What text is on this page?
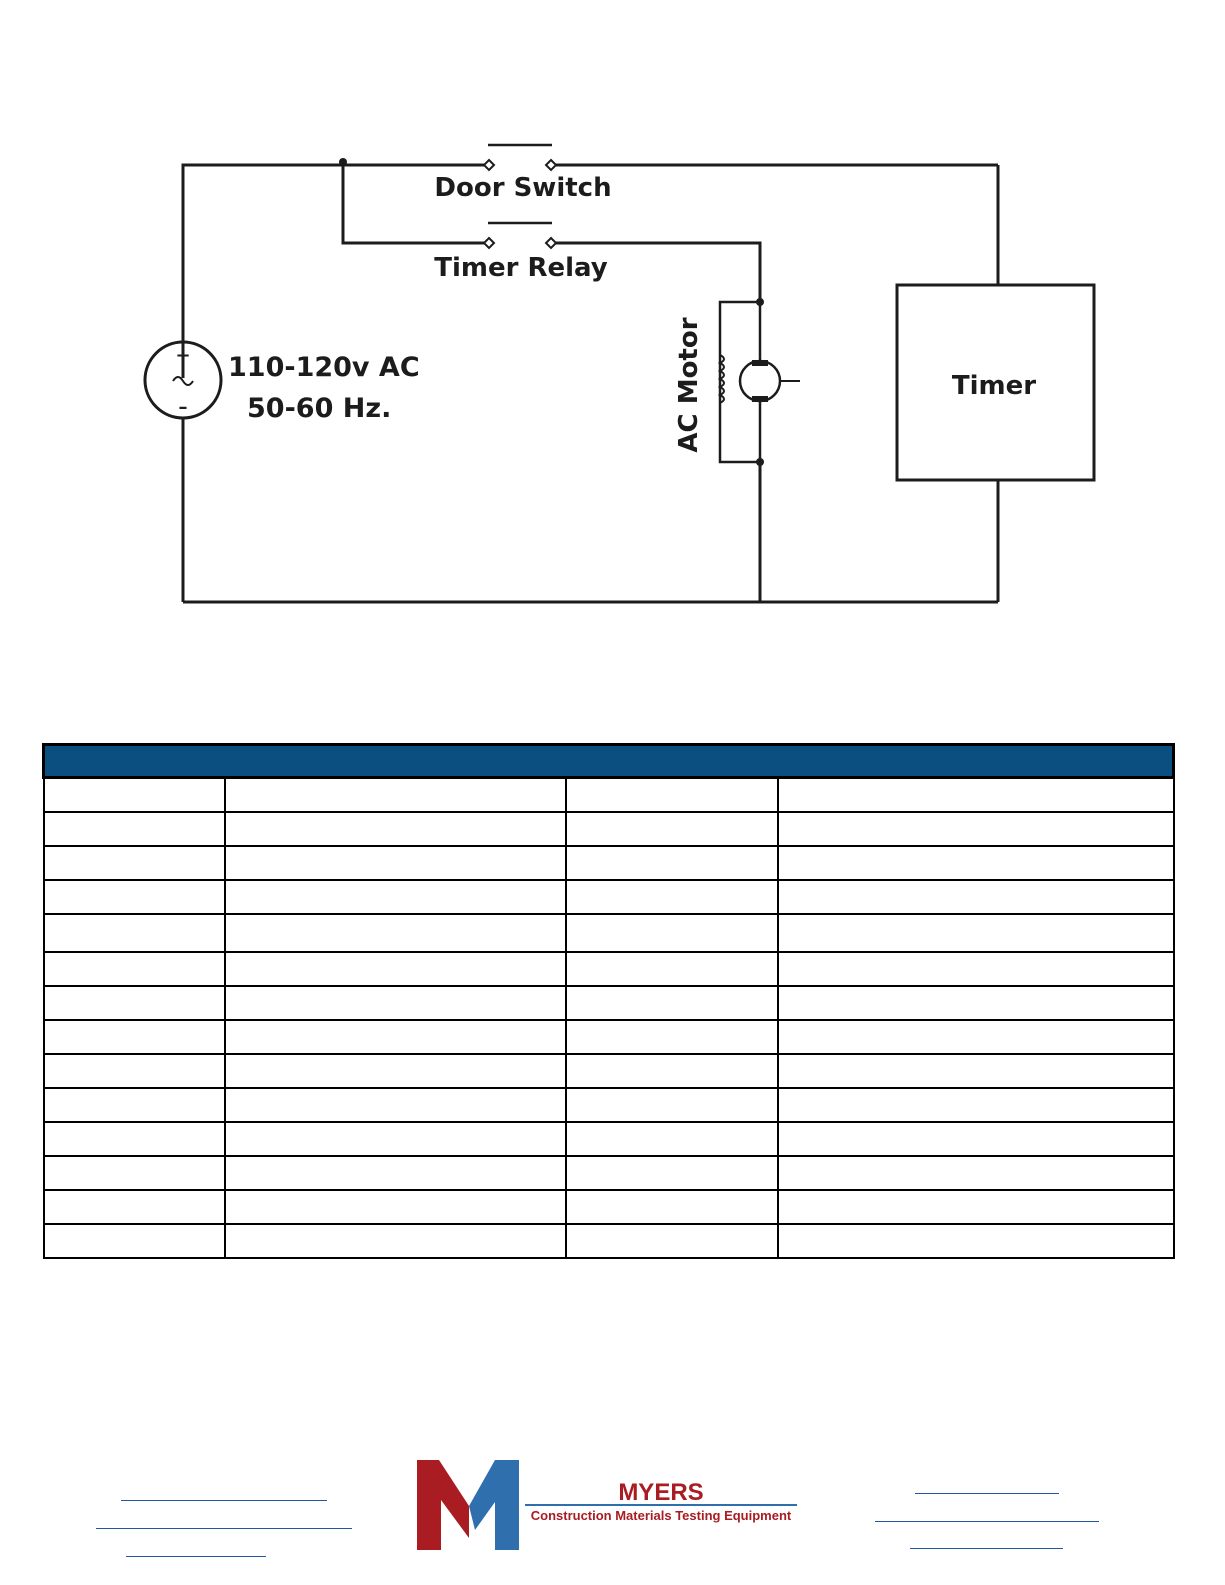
Door Switch
Timer Relay
110-120v AC
50-60 Hz.
Timer
AC Motor
+
–

MYERS
Construction Materials Testing Equipment
